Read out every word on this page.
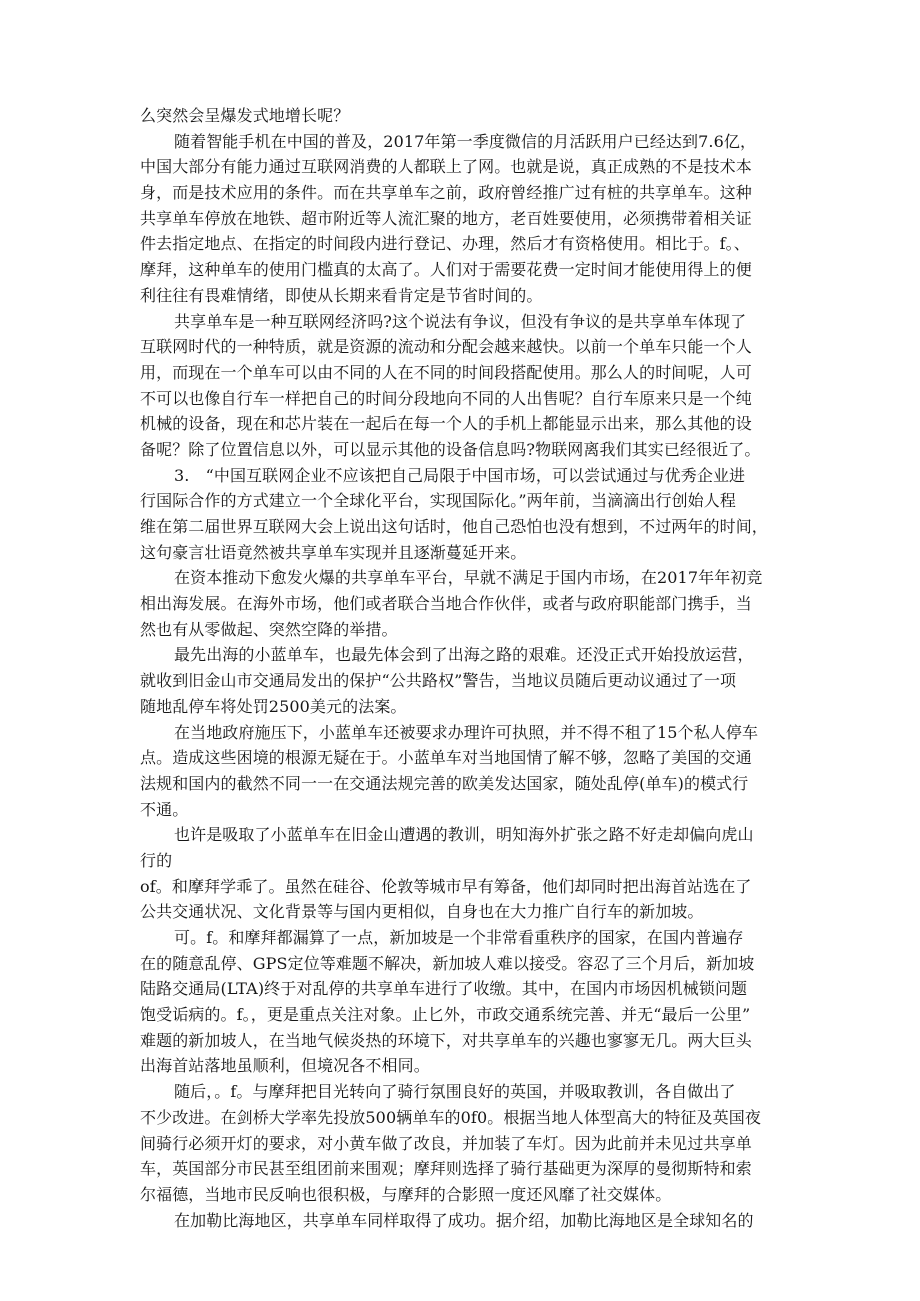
么突然会呈爆发式地增长呢？
随着智能手机在中国的普及，2017年第一季度微信的月活跃用户已经达到7.6亿，
中国大部分有能力通过互联网消费的人都联上了网。也就是说，真正成熟的不是技术本
身，而是技术应用的条件。而在共享单车之前，政府曾经推广过有桩的共享单车。这种
共享单车停放在地铁、超市附近等人流汇聚的地方，老百姓要使用，必须携带着相关证
件去指定地点、在指定的时间段内进行登记、办理，然后才有资格使用。相比于。f。、
摩拜，这种单车的使用门槛真的太高了。人们对于需要花费一定时间才能使用得上的便
利往往有畏难情绪，即使从长期来看肯定是节省时间的。
共享单车是一种互联网经济吗?这个说法有争议，但没有争议的是共享单车体现了
互联网时代的一种特质，就是资源的流动和分配会越来越快。以前一个单车只能一个人
用，而现在一个单车可以由不同的人在不同的时间段搭配使用。那么人的时间呢，人可
不可以也像自行车一样把自己的时间分段地向不同的人出售呢？自行车原来只是一个纯
机械的设备，现在和芯片装在一起后在每一个人的手机上都能显示出来，那么其他的设
备呢？除了位置信息以外，可以显示其他的设备信息吗?物联网离我们其实已经很近了。
3.　“中国互联网企业不应该把自己局限于中国市场，可以尝试通过与优秀企业进
行国际合作的方式建立一个全球化平台，实现国际化。”两年前，当滴滴出行创始人程
维在第二届世界互联网大会上说出这句话时，他自己恐怕也没有想到，不过两年的时间，
这句豪言壮语竟然被共享单车实现并且逐渐蔓延开来。
在资本推动下愈发火爆的共享单车平台，早就不满足于国内市场，在2017年年初竞
相出海发展。在海外市场，他们或者联合当地合作伙伴，或者与政府职能部门携手，当
然也有从零做起、突然空降的举措。
最先出海的小蓝单车，也最先体会到了出海之路的艰难。还没正式开始投放运营，
就收到旧金山市交通局发出的保护“公共路权”警告，当地议员随后更动议通过了一项
随地乱停车将处罚2500美元的法案。
在当地政府施压下，小蓝单车还被要求办理许可执照，并不得不租了15个私人停车
点。造成这些困境的根源无疑在于。小蓝单车对当地国情了解不够，忽略了美国的交通
法规和国内的截然不同一一在交通法规完善的欧美发达国家，随处乱停(单车)的模式行
不通。
也许是吸取了小蓝单车在旧金山遭遇的教训，明知海外扩张之路不好走却偏向虎山
行的
of。和摩拜学乖了。虽然在硅谷、伦敦等城市早有筹备，他们却同时把出海首站选在了
公共交通状况、文化背景等与国内更相似，自身也在大力推广自行车的新加坡。
可。f。和摩拜都漏算了一点，新加坡是一个非常看重秩序的国家，在国内普遍存
在的随意乱停、GPS定位等难题不解决，新加坡人难以接受。容忍了三个月后，新加坡
陆路交通局(LTA)终于对乱停的共享单车进行了收缴。其中，在国内市场因机械锁问题
饱受诟病的。f。，更是重点关注对象。止匕外，市政交通系统完善、并无“最后一公里”
难题的新加坡人，在当地气候炎热的环境下，对共享单车的兴趣也寥寥无几。两大巨头
出海首站落地虽顺利，但境况各不相同。
随后，。f。与摩拜把目光转向了骑行氛围良好的英国，并吸取教训，各自做出了
不少改进。在剑桥大学率先投放500辆单车的0f0。根据当地人体型高大的特征及英国夜
间骑行必须开灯的要求，对小黄车做了改良，并加装了车灯。因为此前并未见过共享单
车，英国部分市民甚至组团前来围观；摩拜则选择了骑行基础更为深厚的曼彻斯特和索
尔福德，当地市民反响也很积极，与摩拜的合影照一度还风靡了社交媒体。
在加勒比海地区，共享单车同样取得了成功。据介绍，加勒比海地区是全球知名的
